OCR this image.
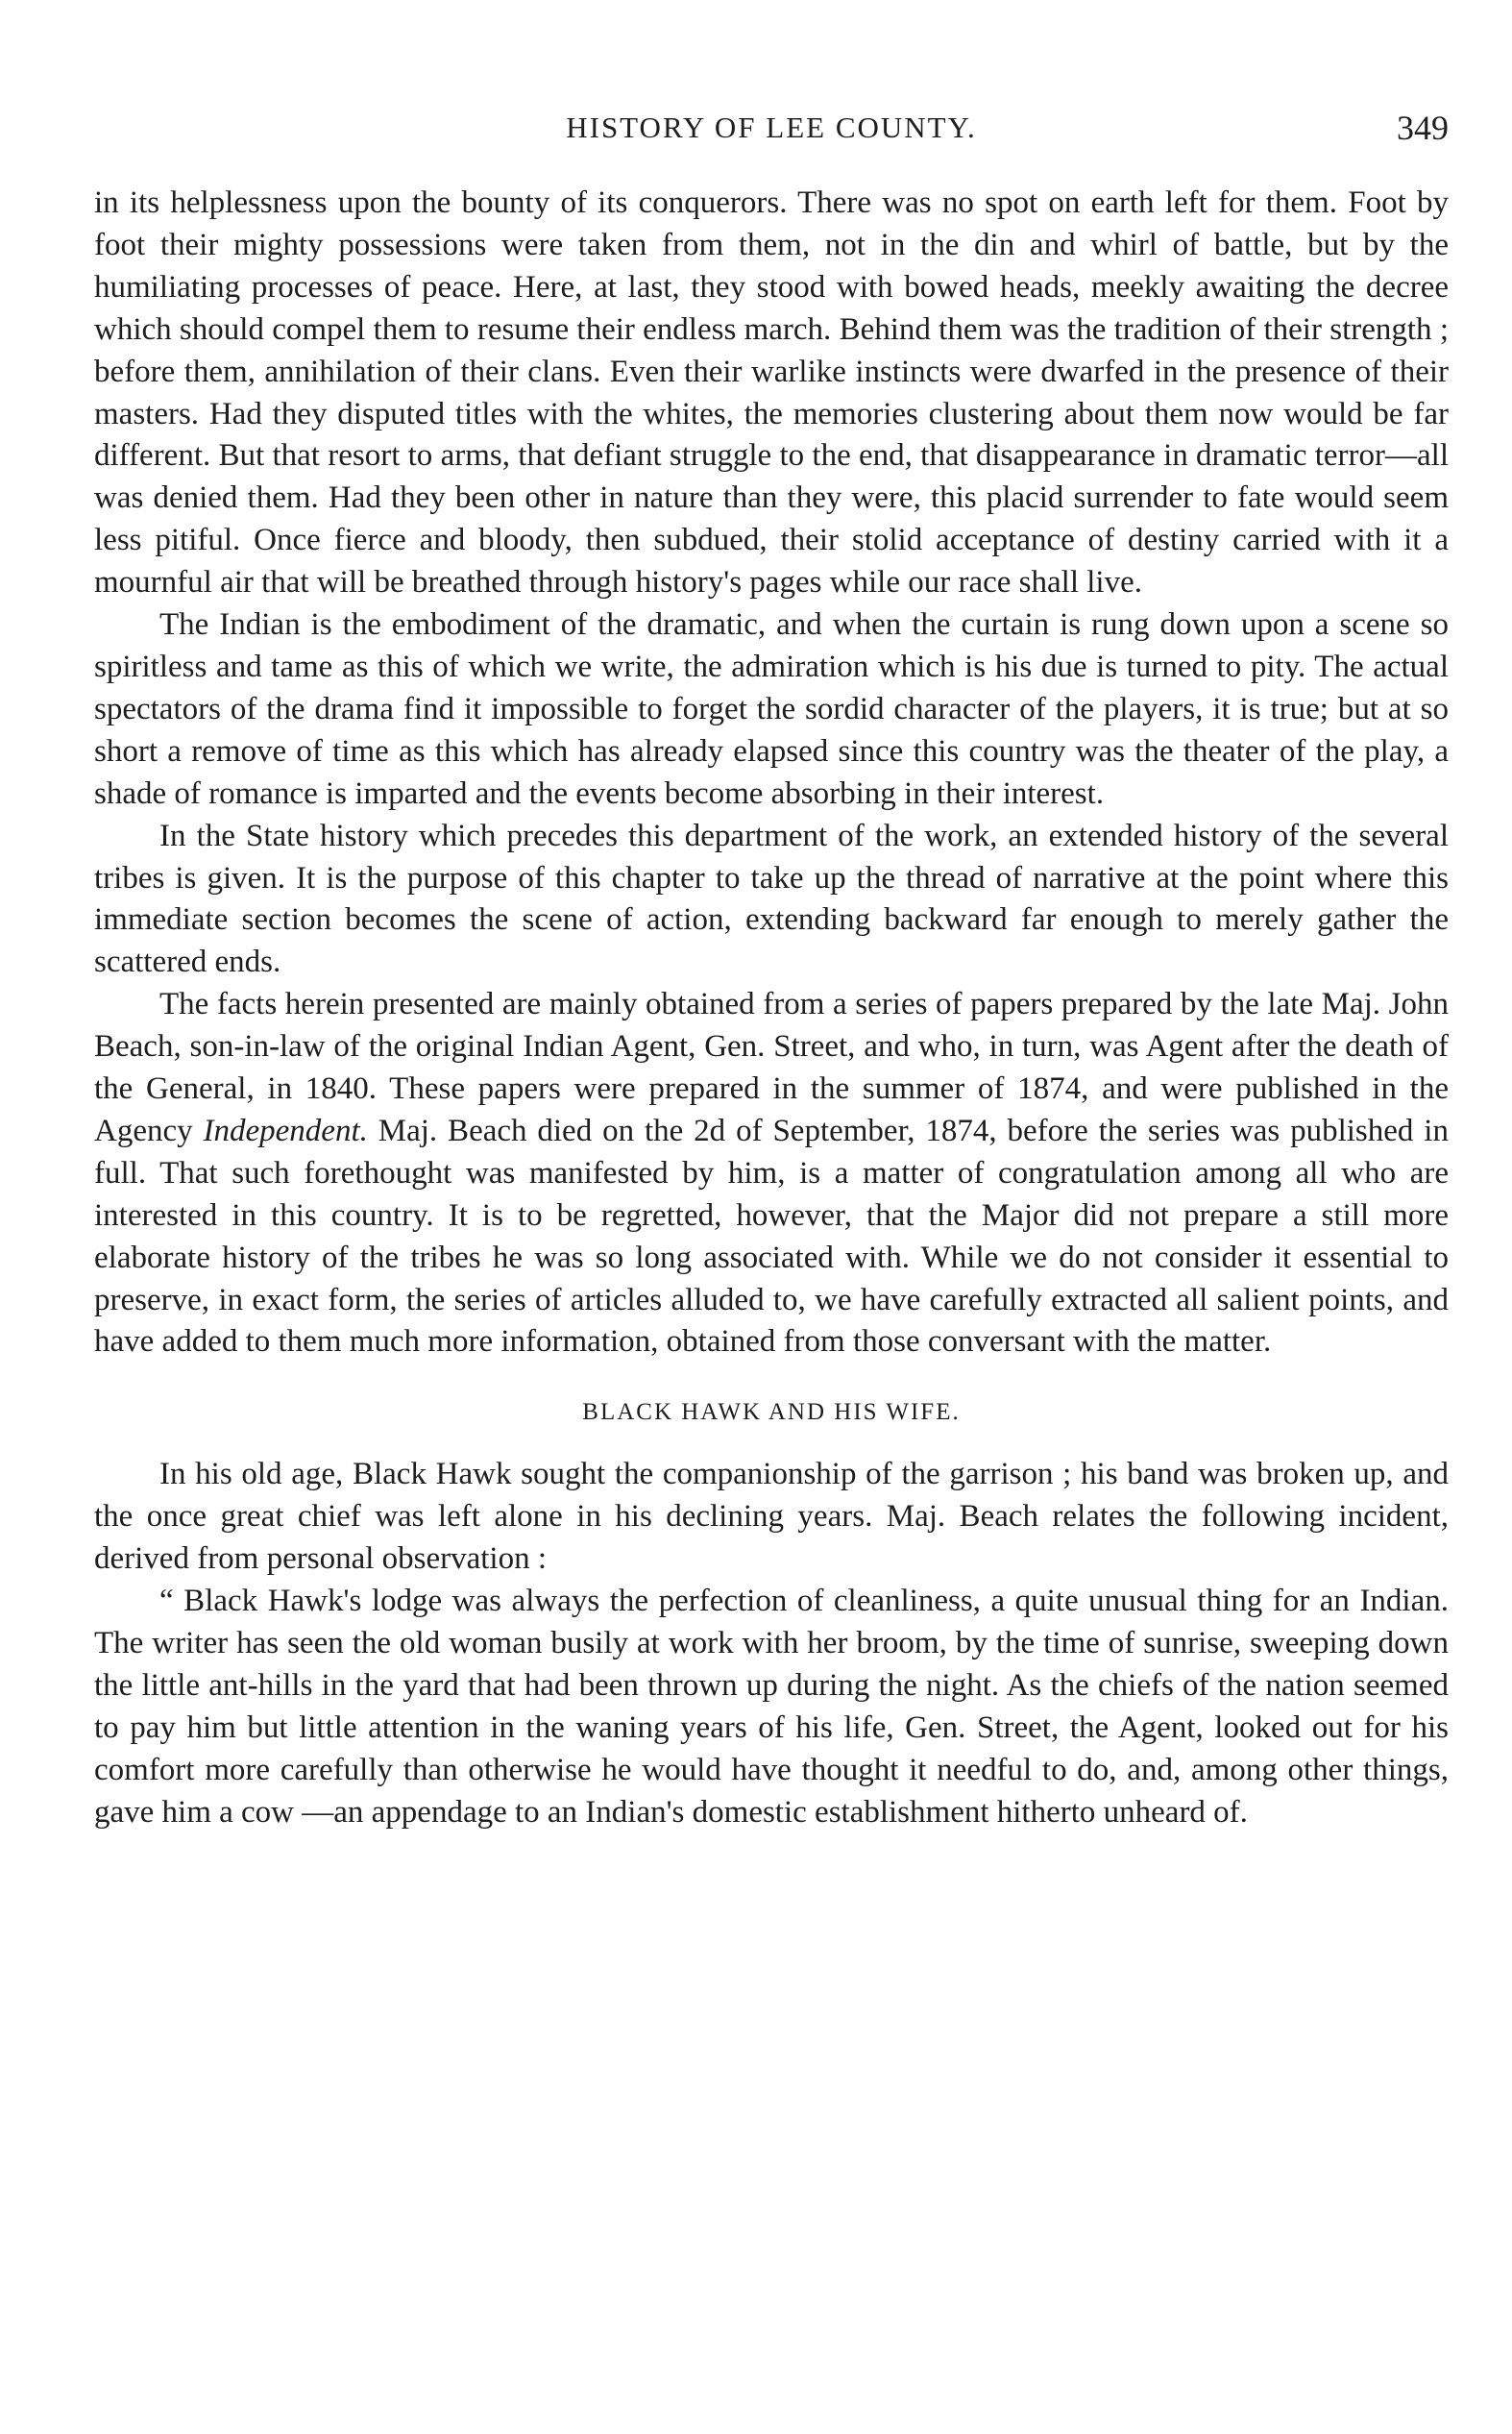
HISTORY OF LEE COUNTY.	349

in its helplessness upon the bounty of its conquerors. There was no spot on earth left for them. Foot by foot their mighty possessions were taken from them, not in the din and whirl of battle, but by the humiliating processes of peace. Here, at last, they stood with bowed heads, meekly awaiting the decree which should compel them to resume their endless march. Behind them was the tradition of their strength ; before them, annihilation of their clans. Even their warlike instincts were dwarfed in the presence of their masters. Had they disputed titles with the whites, the memories clustering about them now would be far different. But that resort to arms, that defiant struggle to the end, that disappearance in dramatic terror—all was denied them. Had they been other in nature than they were, this placid surrender to fate would seem less pitiful. Once fierce and bloody, then subdued, their stolid acceptance of destiny carried with it a mournful air that will be breathed through history's pages while our race shall live.

The Indian is the embodiment of the dramatic, and when the curtain is rung down upon a scene so spiritless and tame as this of which we write, the admiration which is his due is turned to pity. The actual spectators of the drama find it impossible to forget the sordid character of the players, it is true; but at so short a remove of time as this which has already elapsed since this country was the theater of the play, a shade of romance is imparted and the events become absorbing in their interest.

In the State history which precedes this department of the work, an extended history of the several tribes is given. It is the purpose of this chapter to take up the thread of narrative at the point where this immediate section becomes the scene of action, extending backward far enough to merely gather the scattered ends.

The facts herein presented are mainly obtained from a series of papers prepared by the late Maj. John Beach, son-in-law of the original Indian Agent, Gen. Street, and who, in turn, was Agent after the death of the General, in 1840. These papers were prepared in the summer of 1874, and were published in the Agency Independent. Maj. Beach died on the 2d of September, 1874, before the series was published in full. That such forethought was manifested by him, is a matter of congratulation among all who are interested in this country. It is to be regretted, however, that the Major did not prepare a still more elaborate history of the tribes he was so long associated with. While we do not consider it essential to preserve, in exact form, the series of articles alluded to, we have carefully extracted all salient points, and have added to them much more information, obtained from those conversant with the matter.

BLACK HAWK AND HIS WIFE.

In his old age, Black Hawk sought the companionship of the garrison ; his band was broken up, and the once great chief was left alone in his declining years. Maj. Beach relates the following incident, derived from personal observation :

“ Black Hawk's lodge was always the perfection of cleanliness, a quite unusual thing for an Indian. The writer has seen the old woman busily at work with her broom, by the time of sunrise, sweeping down the little ant-hills in the yard that had been thrown up during the night. As the chiefs of the nation seemed to pay him but little attention in the waning years of his life, Gen. Street, the Agent, looked out for his comfort more carefully than otherwise he would have thought it needful to do, and, among other things, gave him a cow —an appendage to an Indian's domestic establishment hitherto unheard of.
